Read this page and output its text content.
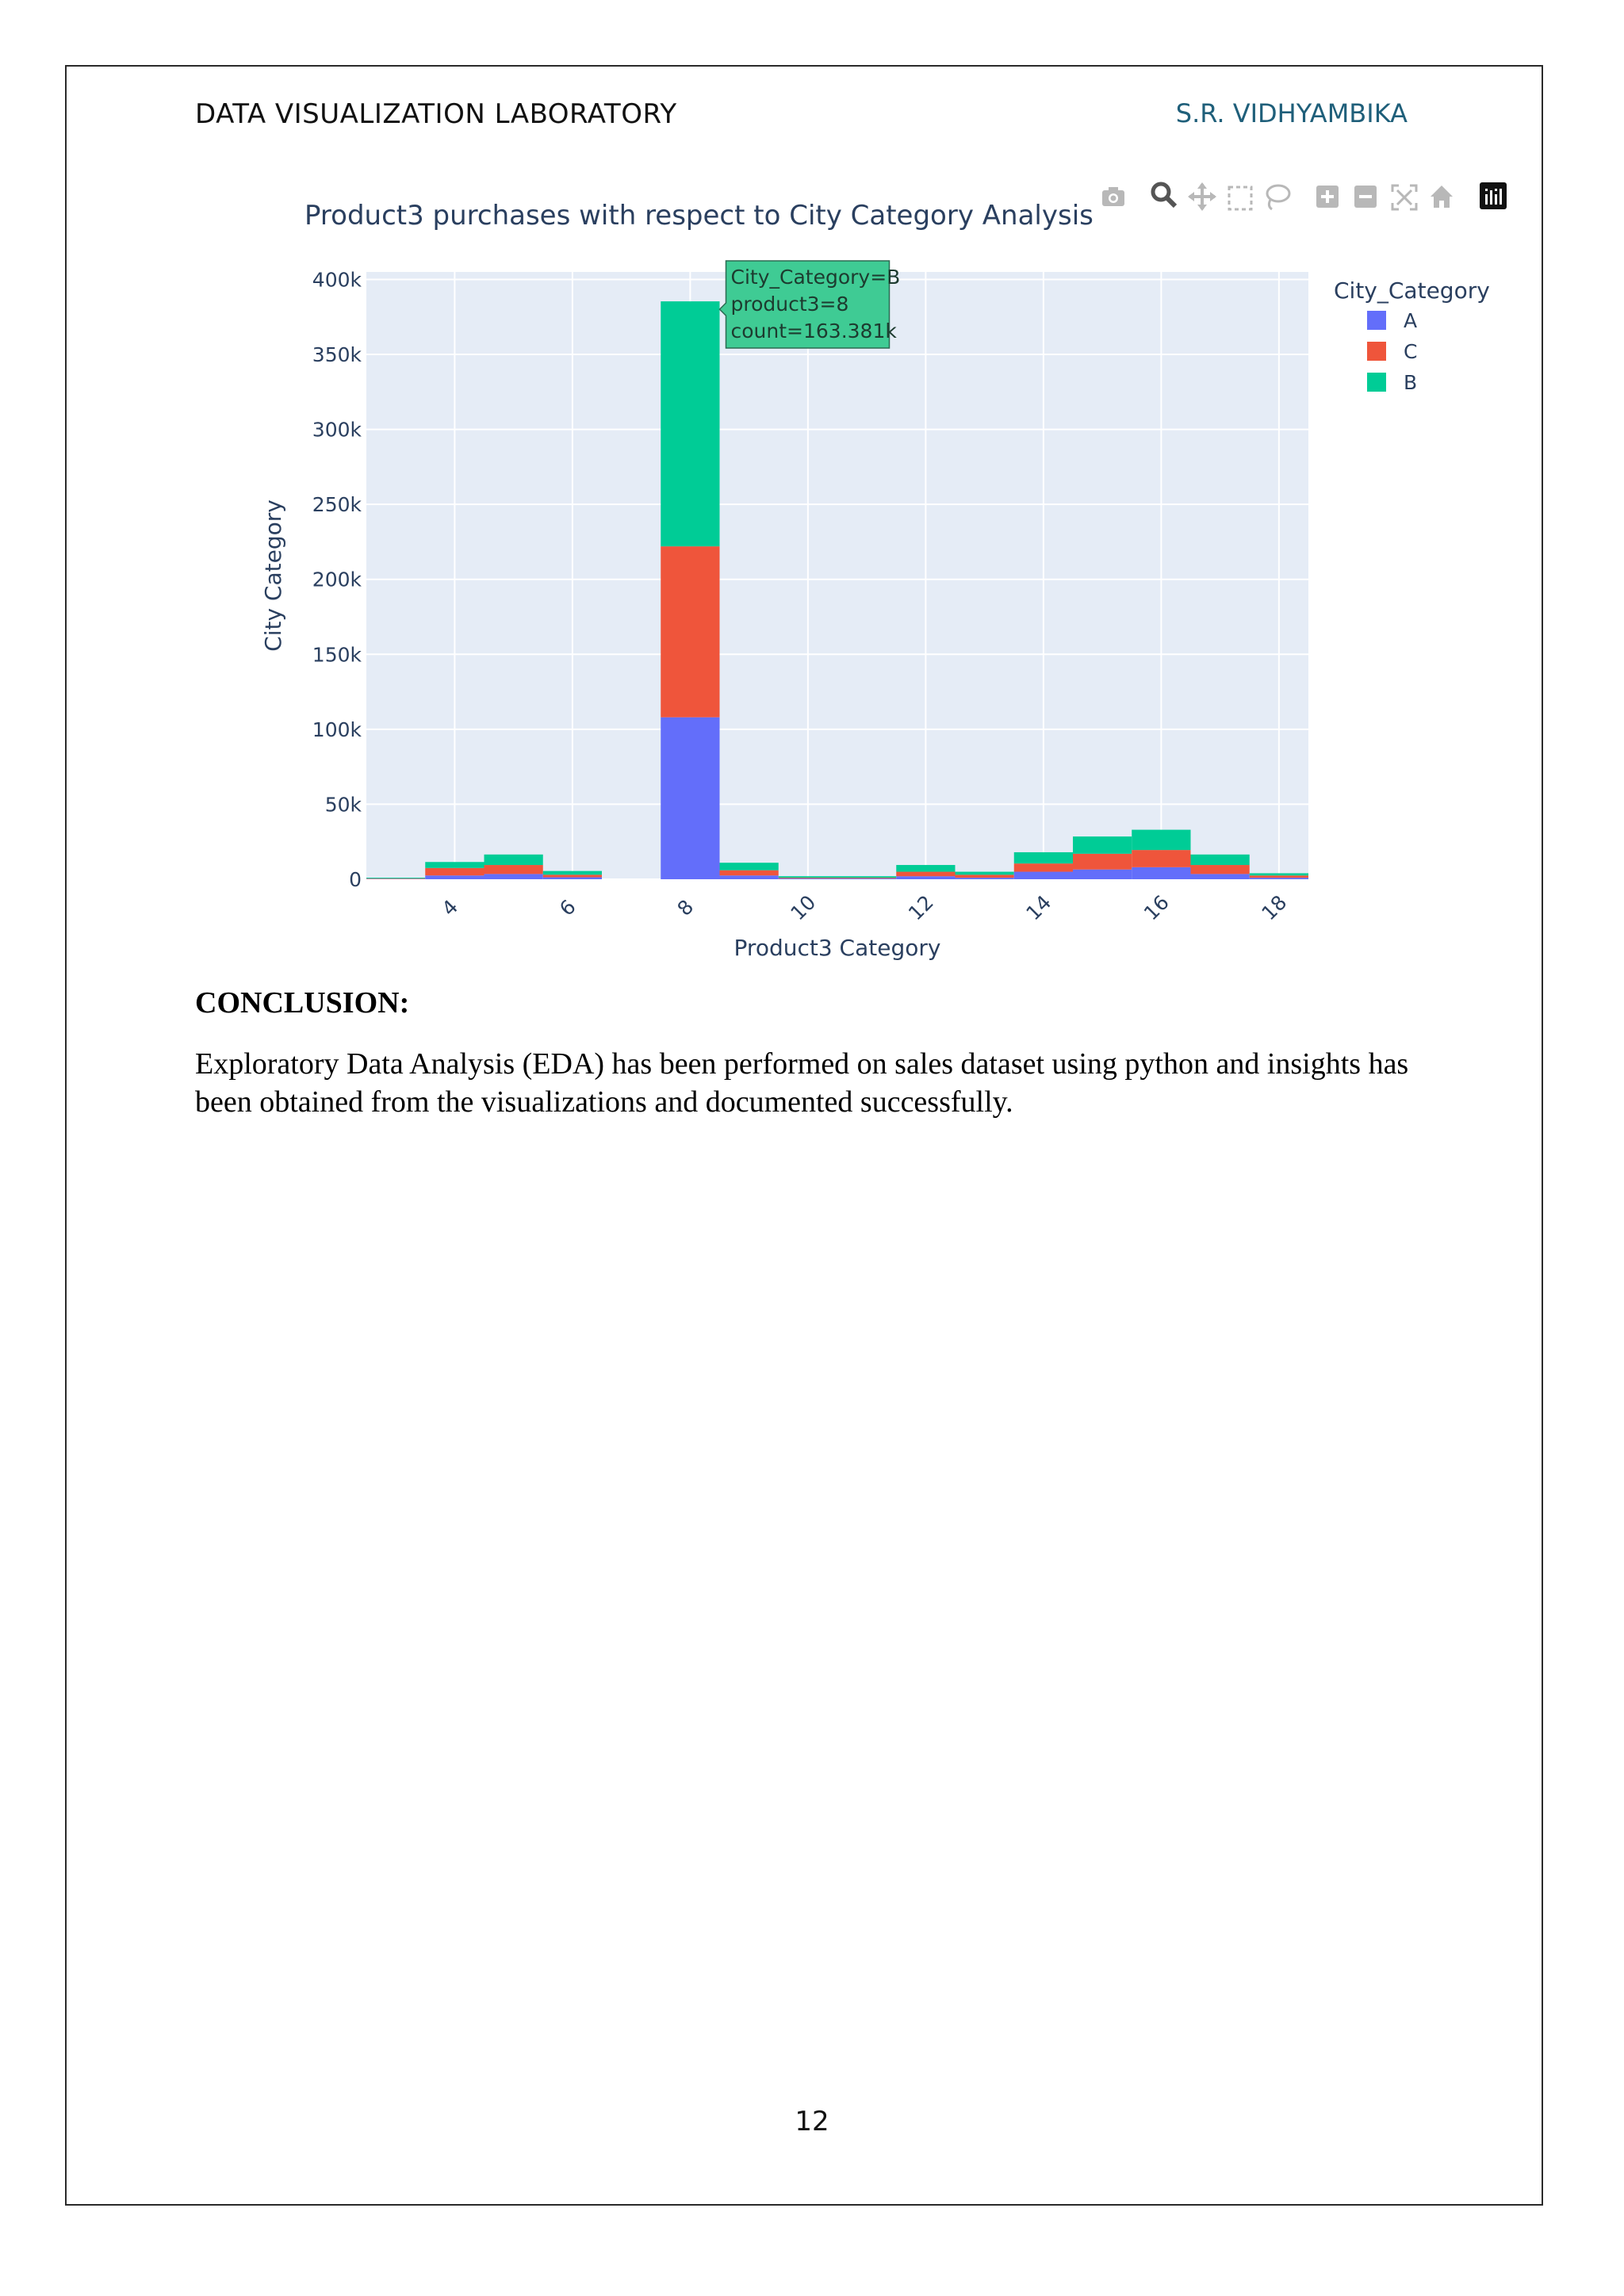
DATA VISUALIZATION LABORATORY	S.R. VIDHYAMBIKA
Product3 purchases with respect to City Category Analysis
0
50k
100k
150k
200k
250k
300k
350k
400k
4	6	8	10	12	14	16	18
City Category
Product3 Category
City_Category
A
C
B
City_Category=B
product3=8
count=163.381k
CONCLUSION:
Exploratory Data Analysis (EDA) has been performed on sales dataset using python and insights has been obtained from the visualizations and documented successfully.
12
